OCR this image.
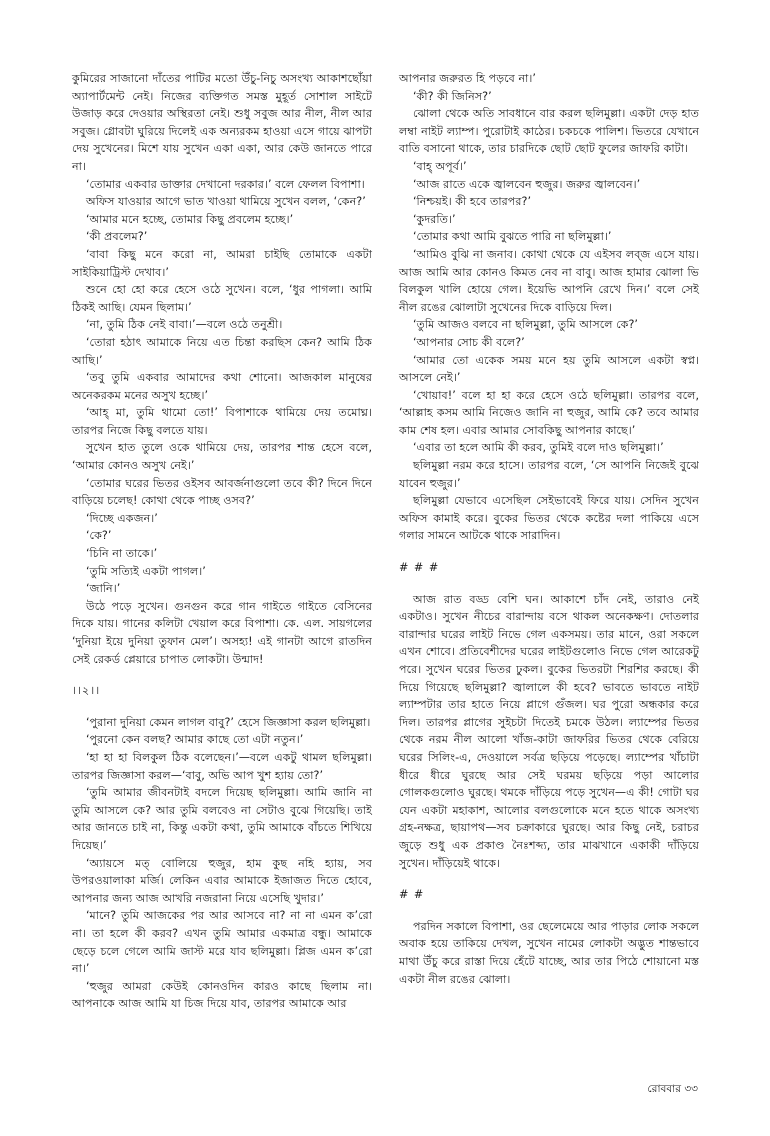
কুমিরের সাজানো দাঁতের পাটির মতো উঁচু-নিচু অসংখ্য আকাশছোঁয়া অ্যাপার্টমেন্ট নেই। নিজের ব্যক্তিগত সমস্ত মুহূর্ত সোশাল সাইটে উজাড় করে দেওয়ার অস্থিরতা নেই। শুধু সবুজ আর নীল, নীল আর সবুজ। গ্লোবটা ঘুরিয়ে দিলেই এক অন্যরকম হাওয়া এসে গায়ে ঝাপটা দেয় সুখেনের। মিশে যায় সুখেন একা একা, আর কেউ জানতে পারে না।

‘তোমার একবার ডাক্তার দেখানো দরকার।’ বলে ফেলল বিপাশা।

অফিস যাওয়ার আগে ভাত খাওয়া থামিয়ে সুখেন বলল, ‘কেন?’

‘আমার মনে হচ্ছে, তোমার কিছু প্রবলেম হচ্ছে।’

‘কী প্রবলেম?’

‘বাবা কিছু মনে করো না, আমরা চাইছি তোমাকে একটা সাইকিয়াট্রিস্ট দেখাব।’

শুনে হো হো করে হেসে ওঠে সুখেন। বলে, ‘ধুর পাগলা। আমি ঠিকই আছি। যেমন ছিলাম।’

‘না, তুমি ঠিক নেই বাবা।’—বলে ওঠে তনুশ্রী।

‘তোরা হঠাৎ আমাকে নিয়ে এত চিন্তা করছিস কেন? আমি ঠিক আছি।’

‘তবু তুমি একবার আমাদের কথা শোনো। আজকাল মানুষের অনেকরকম মনের অসুখ হচ্ছে।’

‘আহ্‌ মা, তুমি থামো তো!’ বিপাশাকে থামিয়ে দেয় তমোঘ্ন। তারপর নিজে কিছু বলতে যায়।

সুখেন হাত তুলে ওকে থামিয়ে দেয়, তারপর শান্ত হেসে বলে, ‘আমার কোনও অসুখ নেই।’

‘তোমার ঘরের ভিতর ওইসব আবর্জনাগুলো তবে কী? দিনে দিনে বাড়িয়ে চলেছ! কোথা থেকে পাচ্ছ ওসব?’

‘দিচ্ছে একজন।’

‘কে?’

‘চিনি না তাকে।’

‘তুমি সত্যিই একটা পাগল।’

‘জানি।’

উঠে পড়ে সুখেন। গুনগুন করে গান গাইতে গাইতে বেসিনের দিকে যায়। গানের কলিটা খেয়াল করে বিপাশা। কে. এল. সায়গলের ‘দুনিয়া ইয়ে দুনিয়া তুফান মেল’। অসহ্য! এই গানটা আগে রাতদিন সেই রেকর্ড প্লেয়ারে চাপাত লোকটা। উন্মাদ!

।।২।।

‘পুরানা দুনিয়া কেমন লাগল বাবু?’ হেসে জিজ্ঞাসা করল ছলিমুল্লা।

‘পুরনো কেন বলছ? আমার কাছে তো এটা নতুন।’

‘হা হা হা বিলকুল ঠিক বলেছেন।’—বলে একটু থামল ছলিমুল্লা। তারপর জিজ্ঞাসা করল—‘বাবু, অভি আপ খুশ হ্যায় তো?’

‘তুমি আমার জীবনটাই বদলে দিয়েছ ছলিমুল্লা। আমি জানি না তুমি আসলে কে? আর তুমি বলবেও না সেটাও বুঝে গিয়েছি। তাই আর জানতে চাই না, কিন্তু একটা কথা, তুমি আমাকে বাঁচতে শিখিয়ে দিয়েছ।’

‘অ্যায়সে মত্‌ বোলিয়ে হুজুর, হাম কুছ নহি হ্যায়, সব উপরওয়ালাকা মর্জি। লেকিন এবার আমাকে ইজাজত দিতে হোবে, আপনার জন্য আজ আখরি নজরানা নিয়ে এসেছি খুদার।’

‘মানে? তুমি আজকের পর আর আসবে না? না না এমন ক’রো না। তা হলে কী করব? এখন তুমি আমার একমাত্র বন্ধু। আমাকে ছেড়ে চলে গেলে আমি জাস্ট মরে যাব ছলিমুল্লা। প্লিজ এমন ক’রো না।’

‘হুজুর আমরা কেউই কোনওদিন কারও কাছে ছিলাম না। আপনাকে আজ আমি যা চিজ দিয়ে যাব, তারপর আমাকে আর

আপনার জরুরত হি পড়বে না।’

‘কী? কী জিনিস?’

ঝোলা থেকে অতি সাবধানে বার করল ছলিমুল্লা। একটা দেড় হাত লম্বা নাইট ল্যাম্প। পুরোটাই কাঠের। চকচকে পালিশ। ভিতরে যেখানে বাতি বসানো থাকে, তার চারদিকে ছোট ছোট ফুলের জাফরি কাটা।

‘বাহ্‌ অপূর্ব।’

‘আজ রাতে একে জ্বালবেন হুজুর। জরুর জ্বালবেন।’

‘নিশ্চয়ই। কী হবে তারপর?’

‘কুদরতি।’

‘তোমার কথা আমি বুঝতে পারি না ছলিমুল্লা।’

‘আমিও বুঝি না জনাব। কোথা থেকে যে এইসব লব্‌জ এসে যায়। আজ আমি আর কোনও কিমত নেব না বাবু। আজ হামার ঝোলা ভি বিলকুল খালি হোয়ে গেল। ইয়েভি আপনি রেখে দিন।’ বলে সেই নীল রঙের ঝোলাটা সুখেনের দিকে বাড়িয়ে দিল।

‘তুমি আজও বলবে না ছলিমুল্লা, তুমি আসলে কে?’

‘আপনার সোচ কী বলে?’

‘আমার তো একেক সময় মনে হয় তুমি আসলে একটা স্বপ্ন। আসলে নেই।’

‘খোয়াব!’ বলে হা হা করে হেসে ওঠে ছলিমুল্লা। তারপর বলে, ‘আল্লাহ কসম আমি নিজেও জানি না হুজুর, আমি কে? তবে আমার কাম শেষ হল। এবার আমার সোবকিছু আপনার কাছে।’

‘এবার তা হলে আমি কী করব, তুমিই বলে দাও ছলিমুল্লা।’

ছলিমুল্লা নরম করে হাসে। তারপর বলে, ‘সে আপনি নিজেই বুঝে যাবেন হুজুর।’

ছলিমুল্লা যেভাবে এসেছিল সেইভাবেই ফিরে যায়। সেদিন সুখেন অফিস কামাই করে। বুকের ভিতর থেকে কষ্টের দলা পাকিয়ে এসে গলার সামনে আটকে থাকে সারাদিন।

# # #

আজ রাত বড্ড বেশি ঘন। আকাশে চাঁদ নেই, তারাও নেই একটাও। সুখেন নীচের বারান্দায় বসে থাকল অনেকক্ষণ। দোতলার বারান্দার ঘরের লাইট নিভে গেল একসময়। তার মানে, ওরা সকলে এখন শোবে। প্রতিবেশীদের ঘরের লাইটগুলোও নিভে গেল আরেকটু পরে। সুখেন ঘরের ভিতর ঢুকল। বুকের ভিতরটা শিরশির করছে। কী দিয়ে গিয়েছে ছলিমুল্লা? জ্বালালে কী হবে? ভাবতে ভাবতে নাইট ল্যাম্পটার তার হাতে নিয়ে প্লাগে গুঁজল। ঘর পুরো অন্ধকার করে দিল। তারপর প্লাগের সুইচটা দিতেই চমকে উঠল। ল্যাম্পের ভিতর থেকে নরম নীল আলো খাঁজ-কাটা জাফরির ভিতর থেকে বেরিয়ে ঘরের সিলিং-এ, দেওয়ালে সর্বত্র ছড়িয়ে পড়েছে। ল্যাম্পের খাঁচাটা ধীরে ধীরে ঘুরছে আর সেই ঘরময় ছড়িয়ে পড়া আলোর গোলকগুলোও ঘুরছে। থমকে দাঁড়িয়ে পড়ে সুখেন—এ কী! গোটা ঘর যেন একটা মহাকাশ, আলোর বলগুলোকে মনে হতে থাকে অসংখ্য গ্রহ-নক্ষত্র, ছায়াপথ—সব চক্রাকারে ঘুরছে। আর কিছু নেই, চরাচর জুড়ে শুধু এক প্রকাণ্ড নৈঃশব্দ্য, তার মাঝখানে একাকী দাঁড়িয়ে সুখেন। দাঁড়িয়েই থাকে।

# #

পরদিন সকালে বিপাশা, ওর ছেলেমেয়ে আর পাড়ার লোক সকলে অবাক হয়ে তাকিয়ে দেখল, সুখেন নামের লোকটা অদ্ভুত শান্তভাবে মাথা উঁচু করে রাস্তা দিয়ে হেঁটে যাচ্ছে, আর তার পিঠে শোয়ানো মস্ত একটা নীল রঙের ঝোলা।

রোববার ৩৩
